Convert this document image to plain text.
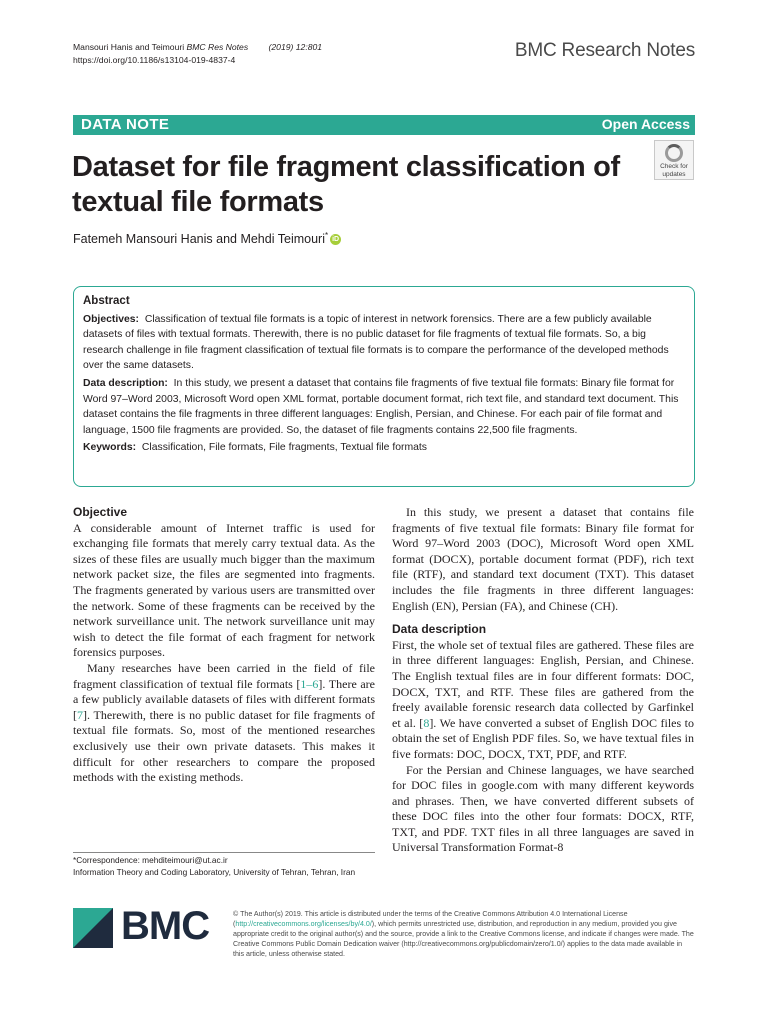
Mansouri Hanis and Teimouri BMC Res Notes (2019) 12:801
https://doi.org/10.1186/s13104-019-4837-4	BMC Research Notes
DATA NOTE	Open Access
Check for
updates
Dataset for file fragment classification of textual file formats
Fatemeh Mansouri Hanis and Mehdi Teimouri* iD
Abstract

Objectives: Classification of textual file formats is a topic of interest in network forensics. There are a few publicly available datasets of files with textual formats. Therewith, there is no public dataset for file fragments of textual file formats. So, a big research challenge in file fragment classification of textual file formats is to compare the performance of the developed methods over the same datasets.

Data description: In this study, we present a dataset that contains file fragments of five textual file formats: Binary file format for Word 97–Word 2003, Microsoft Word open XML format, portable document format, rich text file, and standard text document. This dataset contains the file fragments in three different languages: English, Persian, and Chinese. For each pair of file format and language, 1500 file fragments are provided. So, the dataset of file fragments contains 22,500 file fragments.

Keywords: Classification, File formats, File fragments, Textual file formats

Objective

A considerable amount of Internet traffic is used for exchanging file formats that merely carry textual data. As the sizes of these files are usually much bigger than the maximum network packet size, the files are segmented into fragments. The fragments generated by various users are transmitted over the network. Some of these fragments can be received by the network surveillance unit. The network surveillance unit may wish to detect the file format of each fragment for network forensics purposes.

Many researches have been carried in the field of file fragment classification of textual file formats [1–6]. There are a few publicly available datasets of files with different formats [7]. Therewith, there is no public dataset for file fragments of textual file formats. So, most of the mentioned researches exclusively use their own private datasets. This makes it difficult for other researchers to compare the proposed methods with the existing methods.

In this study, we present a dataset that contains file fragments of five textual file formats: Binary file format for Word 97–Word 2003 (DOC), Microsoft Word open XML format (DOCX), portable document format (PDF), rich text file (RTF), and standard text document (TXT). This dataset includes the file fragments in three different languages: English (EN), Persian (FA), and Chinese (CH).

Data description

First, the whole set of textual files are gathered. These files are in three different languages: English, Persian, and Chinese. The English textual files are in four different formats: DOC, DOCX, TXT, and RTF. These files are gathered from the freely available forensic research data collected by Garfinkel et al. [8]. We have converted a subset of English DOC files to obtain the set of English PDF files. So, we have textual files in five formats: DOC, DOCX, TXT, PDF, and RTF.

For the Persian and Chinese languages, we have searched for DOC files in google.com with many different keywords and phrases. Then, we have converted different subsets of these DOC files into the other four formats: DOCX, RTF, TXT, and PDF. TXT files in all three languages are saved in Universal Transformation Format-8

*Correspondence: mehditeimouri@ut.ac.ir
Information Theory and Coding Laboratory, University of Tehran, Tehran, Iran
BMC	© The Author(s) 2019. This article is distributed under the terms of the Creative Commons Attribution 4.0 International License (http://creativecommons.org/licenses/by/4.0/), which permits unrestricted use, distribution, and reproduction in any medium, provided you give appropriate credit to the original author(s) and the source, provide a link to the Creative Commons license, and indicate if changes were made. The Creative Commons Public Domain Dedication waiver (http://creativecommons.org/publicdomain/zero/1.0/) applies to the data made available in this article, unless otherwise stated.
